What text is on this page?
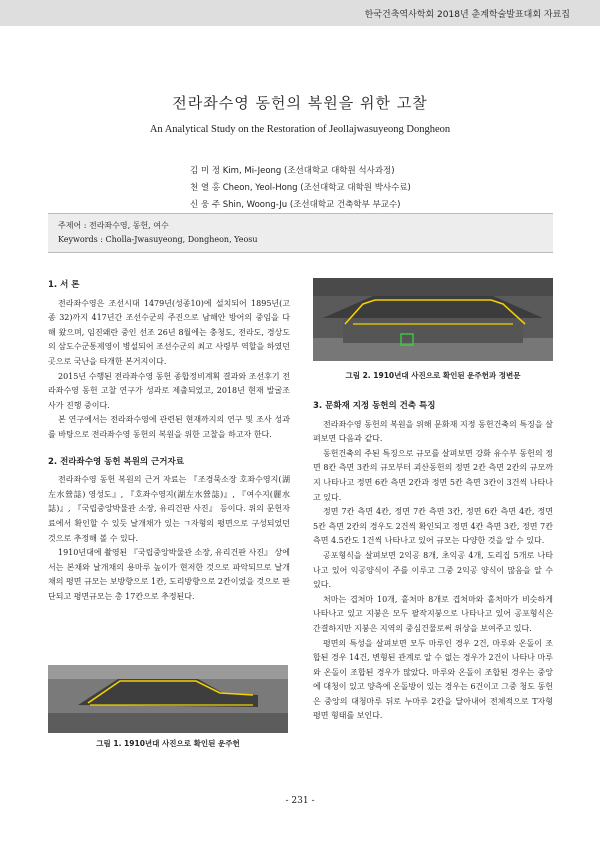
한국건축역사학회 2018년 춘계학술발표대회 자료집
전라좌수영 동헌의 복원을 위한 고찰
An Analytical Study on the Restoration of Jeollajwasuyeong Dongheon
김 미 정 Kim, Mi-Jeong (조선대학교 대학원 석사과정)
천 열 홍 Cheon, Yeol-Hong (조선대학교 대학원 박사수료)
신 웅 주 Shin, Woong-Ju (조선대학교 건축학부 부교수)
주제어 : 전라좌수영, 동헌, 여수
Keywords : Cholla-Jwasuyeong, Dongheon, Yeosu
1. 서 론

전라좌수영은 조선시대 1479년(성종10)에 설치되어 1895년(고종 32)까지 417년간 조선수군의 주진으로 남해안 방어의 중임을 다해 왔으며, 임진왜란 중인 선조 26년 8월에는 충청도, 전라도, 경상도의 삼도수군통제영이 병설되어 조선수군의 최고 사령부 역할을 하였던 곳으로 국난을 타개한 본거지이다.

2015년 수행된 전라좌수영 동헌 종합정비계획 결과와 조선후기 전라좌수영 동헌 고찰 연구가 성과로 제출되었고, 2018년 현재 발굴조사가 진행 중이다.

본 연구에서는 전라좌수영에 관련된 현재까지의 연구 및 조사 성과를 바탕으로 전라좌수영 동헌의 복원을 위한 고찰을 하고자 한다.

2. 전라좌수영 동헌 복원의 근거자료

전라좌수영 동헌 복원의 근거 자료는 『조경묵소장 호좌수영지(湖左水營誌) 영성도』, 『호좌수영지(湖左水營誌)』, 『여수지(麗水誌)』, 『국립중앙박물관 소장, 유리건판 사진』 등이다. 위의 문헌자료에서 확인할 수 있듯 날개채가 있는 ㄱ자형의 평면으로 구성되었던 것으로 추정해 볼 수 있다.

1910년대에 촬영된 『국립중앙박물관 소장, 유리건판 사진』 상에서는 본채와 날개채의 용마루 높이가 현저한 것으로 파악되므로 날개채의 평면 규모는 보방향으로 1칸, 도리방향으로 2칸이었을 것으로 판단되고 평면규모는 총 17칸으로 추정된다.

그림 2. 1910년대 사진으로 확인된 운주헌과 정변문
3. 문화재 지정 동헌의 건축 특징

전라좌수영 동헌의 복원을 위해 문화재 지정 동헌건축의 특징을 살펴보면 다음과 같다.

동헌건축의 주된 특징으로 규모를 살펴보면 강화 유수부 동헌의 정면 8칸 측면 3칸의 규모부터 괴산동헌의 정면 2칸 측면 2칸의 규모까지 나타나고 정면 6칸 측면 2칸과 정면 5칸 측면 3칸이 3건씩 나타나고 있다.

정면 7칸 측면 4칸, 정면 7칸 측면 3칸, 정면 6칸 측면 4칸, 정면 5칸 측면 2칸의 경우도 2건씩 확인되고 정면 4칸 측면 3칸, 정면 7칸 측면 4.5칸도 1건씩 나타나고 있어 규모는 다양한 것을 알 수 있다.

공포형식을 살펴보면 2익공 8개, 초익공 4개, 도리집 5개로 나타나고 있어 익공양식이 주를 이루고 그중 2익공 양식이 많음을 알 수 있다.

처마는 겹처마 10개, 홑처마 8개로 겹처마와 홑처마가 비슷하게 나타나고 있고 지붕은 모두 팔작지붕으로 나타나고 있어 공포형식은 간결하지만 지붕은 지역의 중심건물로써 위상을 보여주고 있다.

평면의 특성을 살펴보면 모두 마루인 경우 2건, 마루와 온돌이 조합된 경우 14건, 변형된 관계로 알 수 없는 경우가 2건이 나타나 마루와 온돌이 조합된 경우가 많았다. 마루와 온돌이 조합된 경우는 중앙에 대청이 있고 양측에 온돌방이 있는 경우는 6건이고 그중 청도 동헌은 중앙의 대청마루 뒤로 누마루 2칸을 달아내어 전체적으로 T자형 평면 형태를 보인다.

그림 1. 1910년대 사진으로 확인된 운주헌
- 231 -
